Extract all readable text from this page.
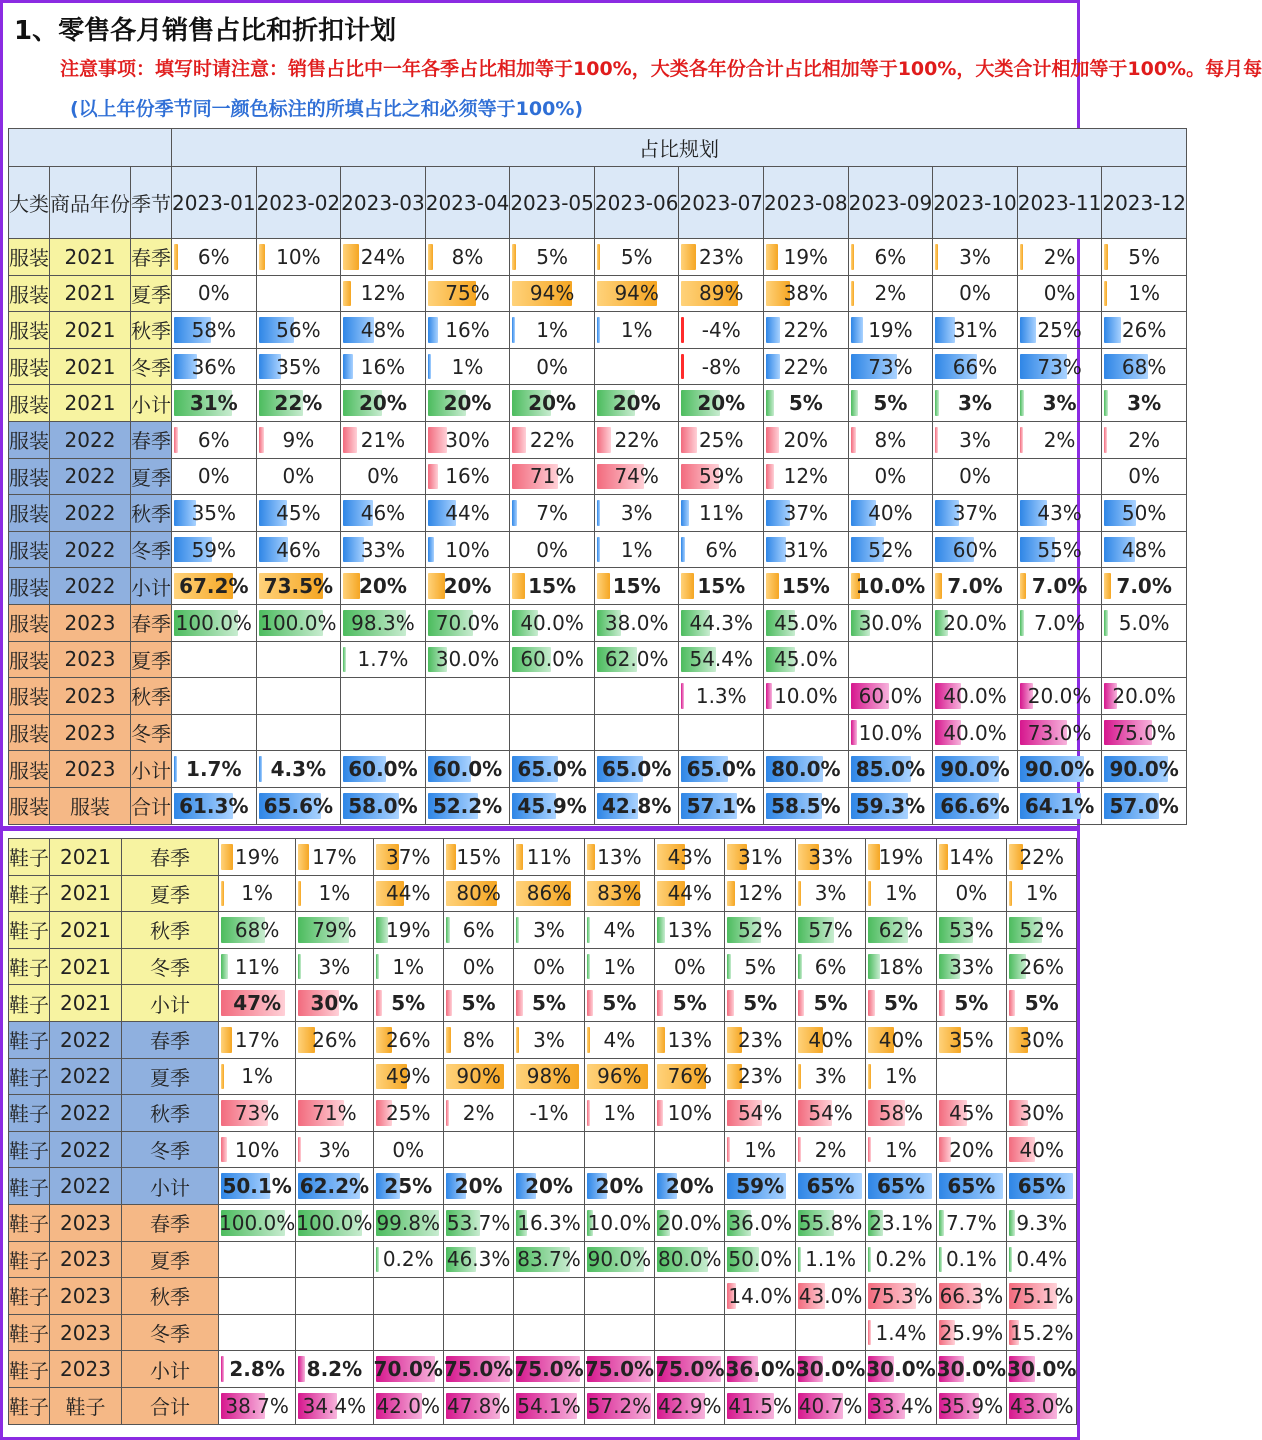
1、零售各月销售占比和折扣计划
注意事项：填写时请注意：销售占比中一年各季占比相加等于100%，大类各年份合计占比相加等于100%，大类合计相加等于100%。每月每
(以上年份季节同一颜色标注的所填占比之和必须等于100%)
			占比规划											
大类	商品年份	季节	2023-01	2023-02	2023-03	2023-04	2023-05	2023-06	2023-07	2023-08	2023-09	2023-10	2023-11	2023-12
服装	2021	春季	6%	10%	24%	8%	5%	5%	23%	19%	6%	3%	2%	5%
服装	2021	夏季	0%		12%	75%	94%	94%	89%	38%	2%	0%	0%	1%
服装	2021	秋季	58%	56%	48%	16%	1%	1%	-4%	22%	19%	31%	25%	26%
服装	2021	冬季	36%	35%	16%	1%	0%		-8%	22%	73%	66%	73%	68%
服装	2021	小计	31%	22%	20%	20%	20%	20%	20%	5%	5%	3%	3%	3%
服装	2022	春季	6%	9%	21%	30%	22%	22%	25%	20%	8%	3%	2%	2%
服装	2022	夏季	0%	0%	0%	16%	71%	74%	59%	12%	0%	0%		0%
服装	2022	秋季	35%	45%	46%	44%	7%	3%	11%	37%	40%	37%	43%	50%
服装	2022	冬季	59%	46%	33%	10%	0%	1%	6%	31%	52%	60%	55%	48%
服装	2022	小计	67.2%	73.5%	20%	20%	15%	15%	15%	15%	10.0%	7.0%	7.0%	7.0%
服装	2023	春季	100.0%	100.0%	98.3%	70.0%	40.0%	38.0%	44.3%	45.0%	30.0%	20.0%	7.0%	5.0%
服装	2023	夏季			1.7%	30.0%	60.0%	62.0%	54.4%	45.0%				
服装	2023	秋季							1.3%	10.0%	60.0%	40.0%	20.0%	20.0%
服装	2023	冬季									10.0%	40.0%	73.0%	75.0%
服装	2023	小计	1.7%	4.3%	60.0%	60.0%	65.0%	65.0%	65.0%	80.0%	85.0%	90.0%	90.0%	90.0%
服装	服装	合计	61.3%	65.6%	58.0%	52.2%	45.9%	42.8%	57.1%	58.5%	59.3%	66.6%	64.1%	57.0%
鞋子	2021	春季	19%	17%	37%	15%	11%	13%	43%	31%	33%	19%	14%	22%
鞋子	2021	夏季	1%	1%	44%	80%	86%	83%	44%	12%	3%	1%	0%	1%
鞋子	2021	秋季	68%	79%	19%	6%	3%	4%	13%	52%	57%	62%	53%	52%
鞋子	2021	冬季	11%	3%	1%	0%	0%	1%	0%	5%	6%	18%	33%	26%
鞋子	2021	小计	47%	30%	5%	5%	5%	5%	5%	5%	5%	5%	5%	5%
鞋子	2022	春季	17%	26%	26%	8%	3%	4%	13%	23%	40%	40%	35%	30%
鞋子	2022	夏季	1%		49%	90%	98%	96%	76%	23%	3%	1%		
鞋子	2022	秋季	73%	71%	25%	2%	-1%	1%	10%	54%	54%	58%	45%	30%
鞋子	2022	冬季	10%	3%	0%					1%	2%	1%	20%	40%
鞋子	2022	小计	50.1%	62.2%	25%	20%	20%	20%	20%	59%	65%	65%	65%	65%
鞋子	2023	春季	100.0%	100.0%	99.8%	53.7%	16.3%	10.0%	20.0%	36.0%	55.8%	23.1%	7.7%	9.3%
鞋子	2023	夏季			0.2%	46.3%	83.7%	90.0%	80.0%	50.0%	1.1%	0.2%	0.1%	0.4%
鞋子	2023	秋季								14.0%	43.0%	75.3%	66.3%	75.1%
鞋子	2023	冬季										1.4%	25.9%	15.2%
鞋子	2023	小计	2.8%	8.2%	70.0%	75.0%	75.0%	75.0%	75.0%	36.0%	30.0%	30.0%	30.0%	30.0%
鞋子	鞋子	合计	38.7%	34.4%	42.0%	47.8%	54.1%	57.2%	42.9%	41.5%	40.7%	33.4%	35.9%	43.0%
